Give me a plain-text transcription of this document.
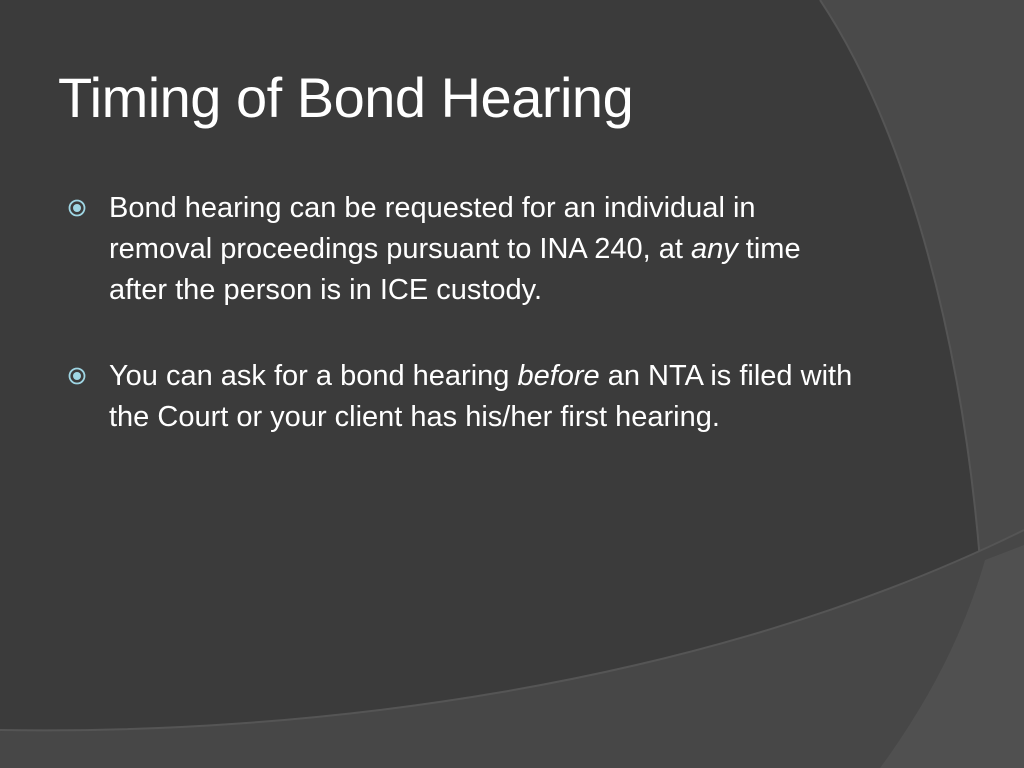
Timing of Bond Hearing
Bond hearing can be requested for an individual in removal proceedings pursuant to INA 240, at any time after the person is in ICE custody.
You can ask for a bond hearing before an NTA is filed with the Court or your client has his/her first hearing.
